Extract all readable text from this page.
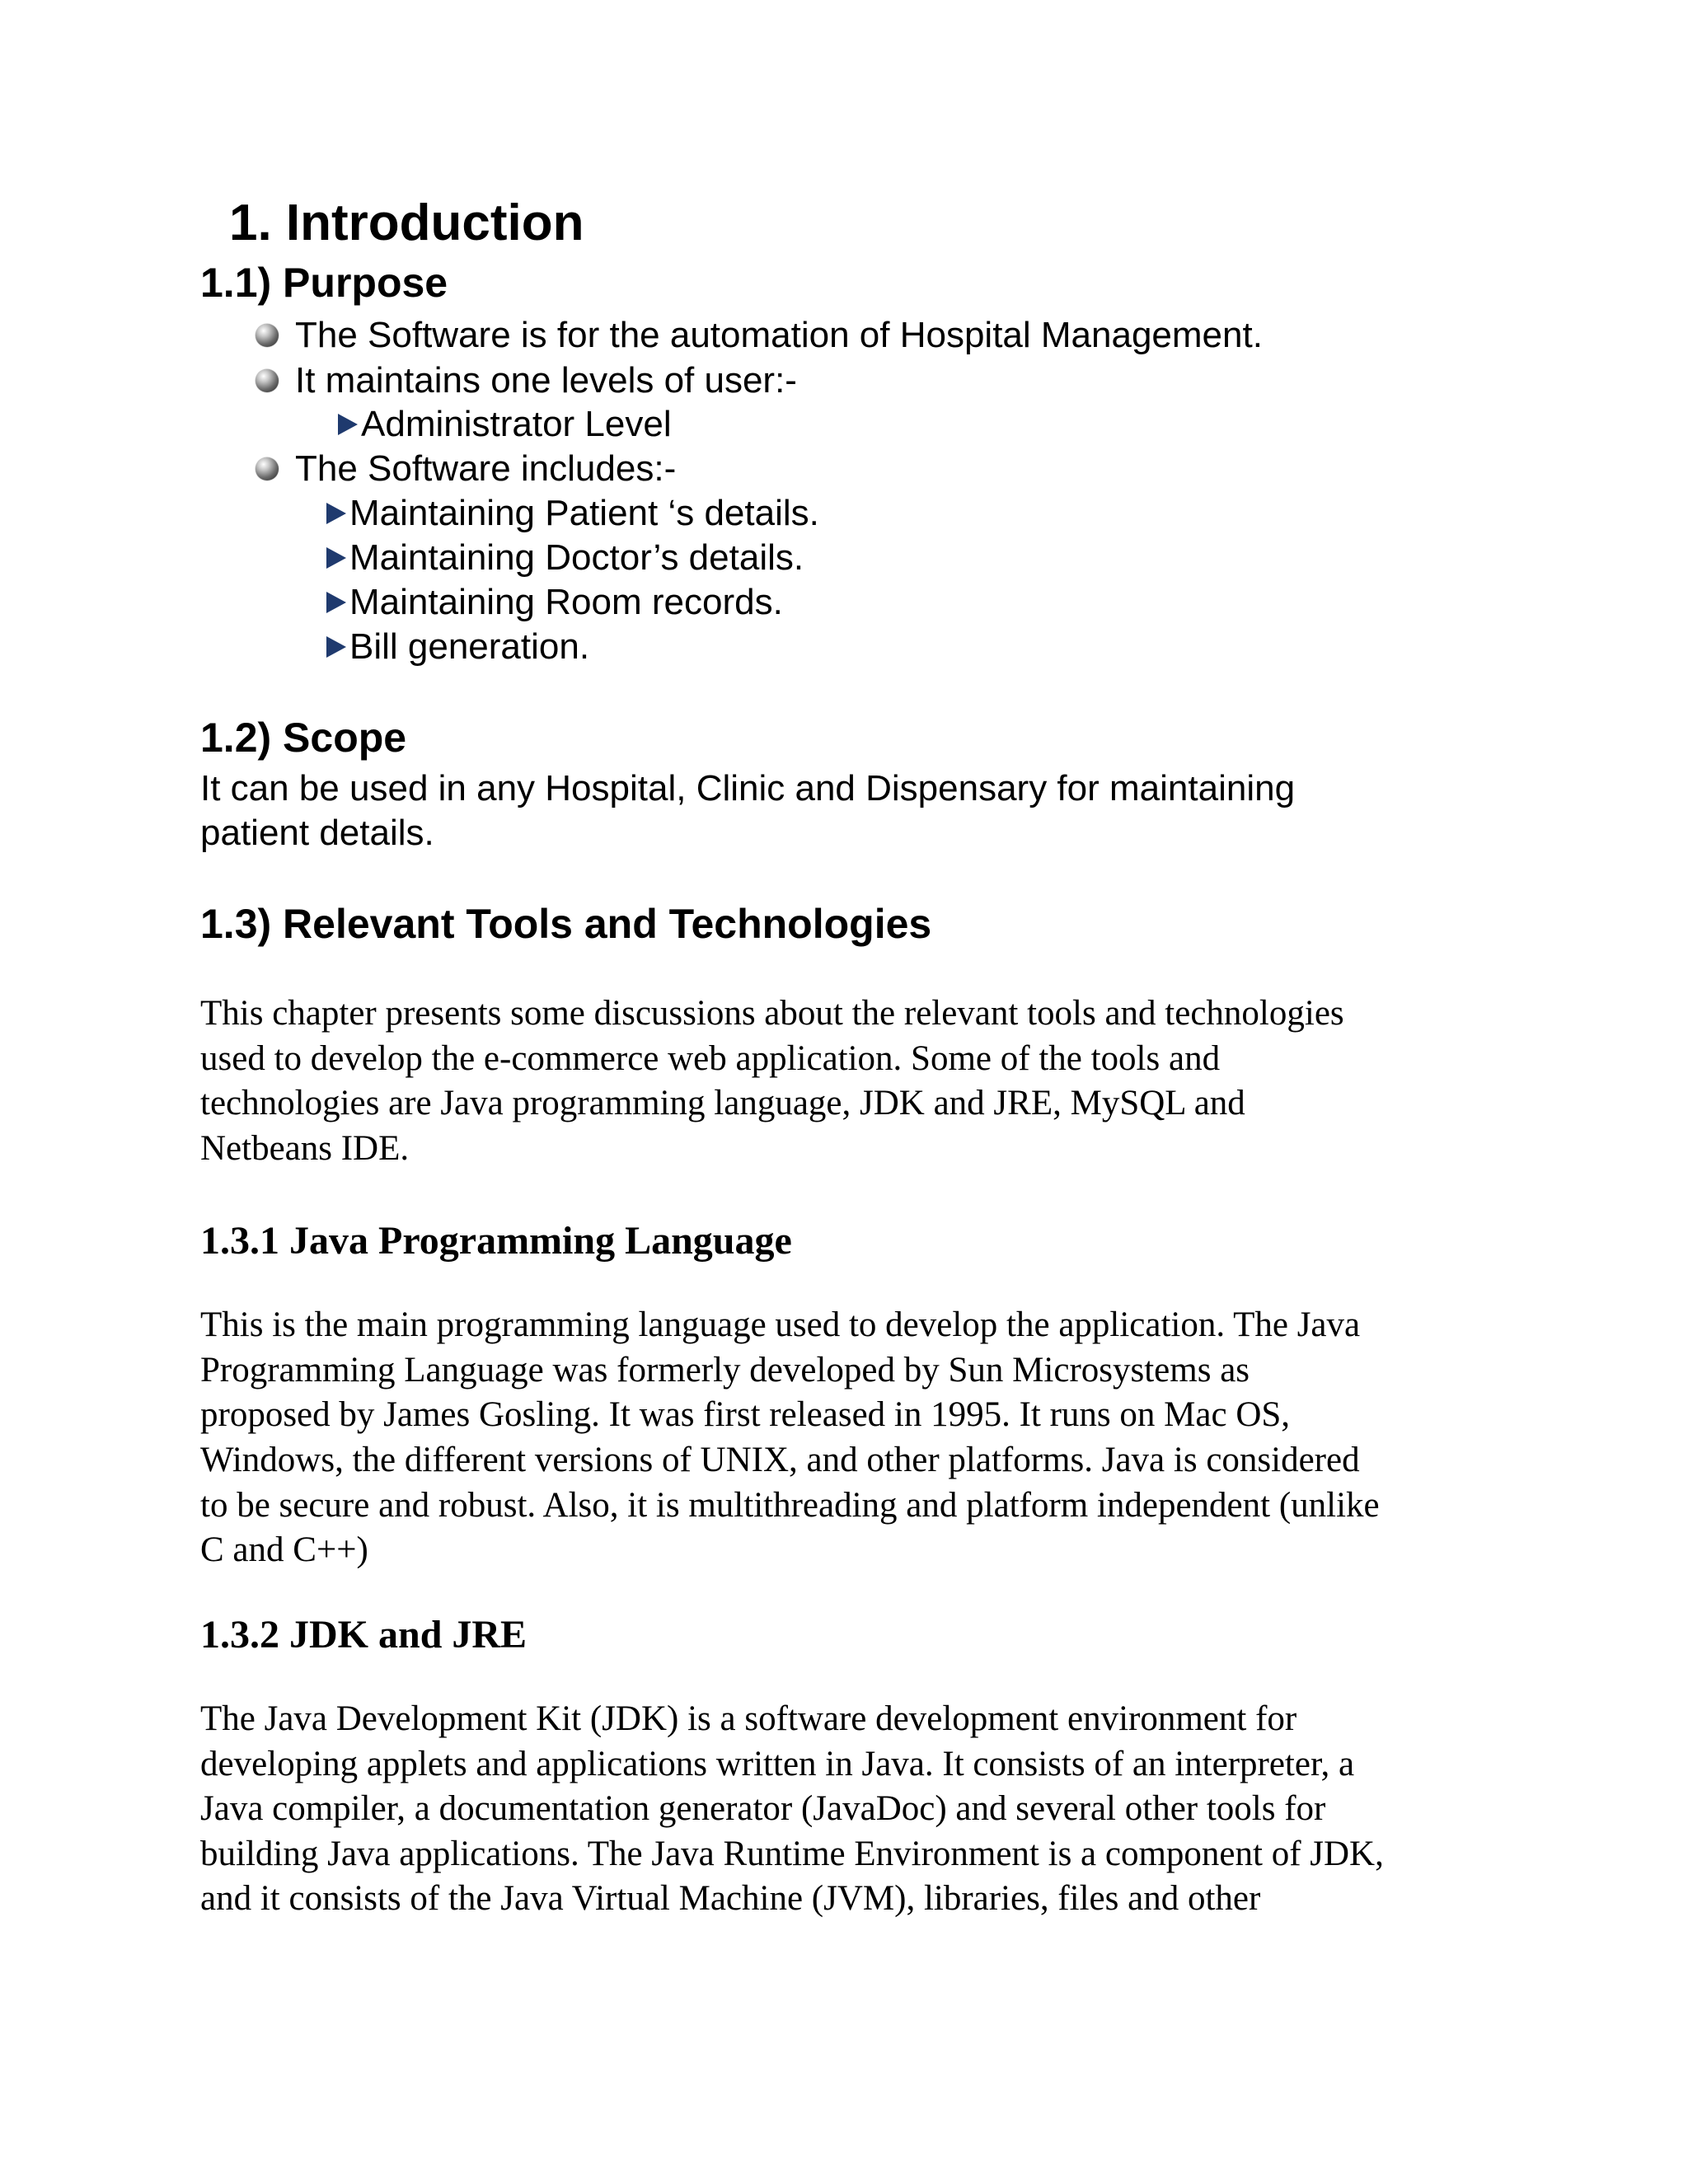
1. Introduction
1.1) Purpose
The Software is for the automation of Hospital Management.
It maintains one levels of user:-
Administrator Level
The Software includes:-
Maintaining Patient ‘s details.
Maintaining Doctor’s details.
Maintaining Room records.
Bill generation.
1.2) Scope
It can be used in any Hospital, Clinic and Dispensary for maintaining
patient details.
1.3) Relevant Tools and Technologies
This chapter presents some discussions about the relevant tools and technologies
used to develop the e-commerce web application. Some of the tools and
technologies are Java programming language, JDK and JRE, MySQL and
Netbeans IDE.
1.3.1 Java Programming Language
This is the main programming language used to develop the application. The Java
Programming Language was formerly developed by Sun Microsystems as
proposed by James Gosling. It was first released in 1995. It runs on Mac OS,
Windows, the different versions of UNIX, and other platforms. Java is considered
to be secure and robust. Also, it is multithreading and platform independent (unlike
C and C++)
1.3.2 JDK and JRE
The Java Development Kit (JDK) is a software development environment for
developing applets and applications written in Java. It consists of an interpreter, a
Java compiler, a documentation generator (JavaDoc) and several other tools for
building Java applications. The Java Runtime Environment is a component of JDK,
and it consists of the Java Virtual Machine (JVM), libraries, files and other
